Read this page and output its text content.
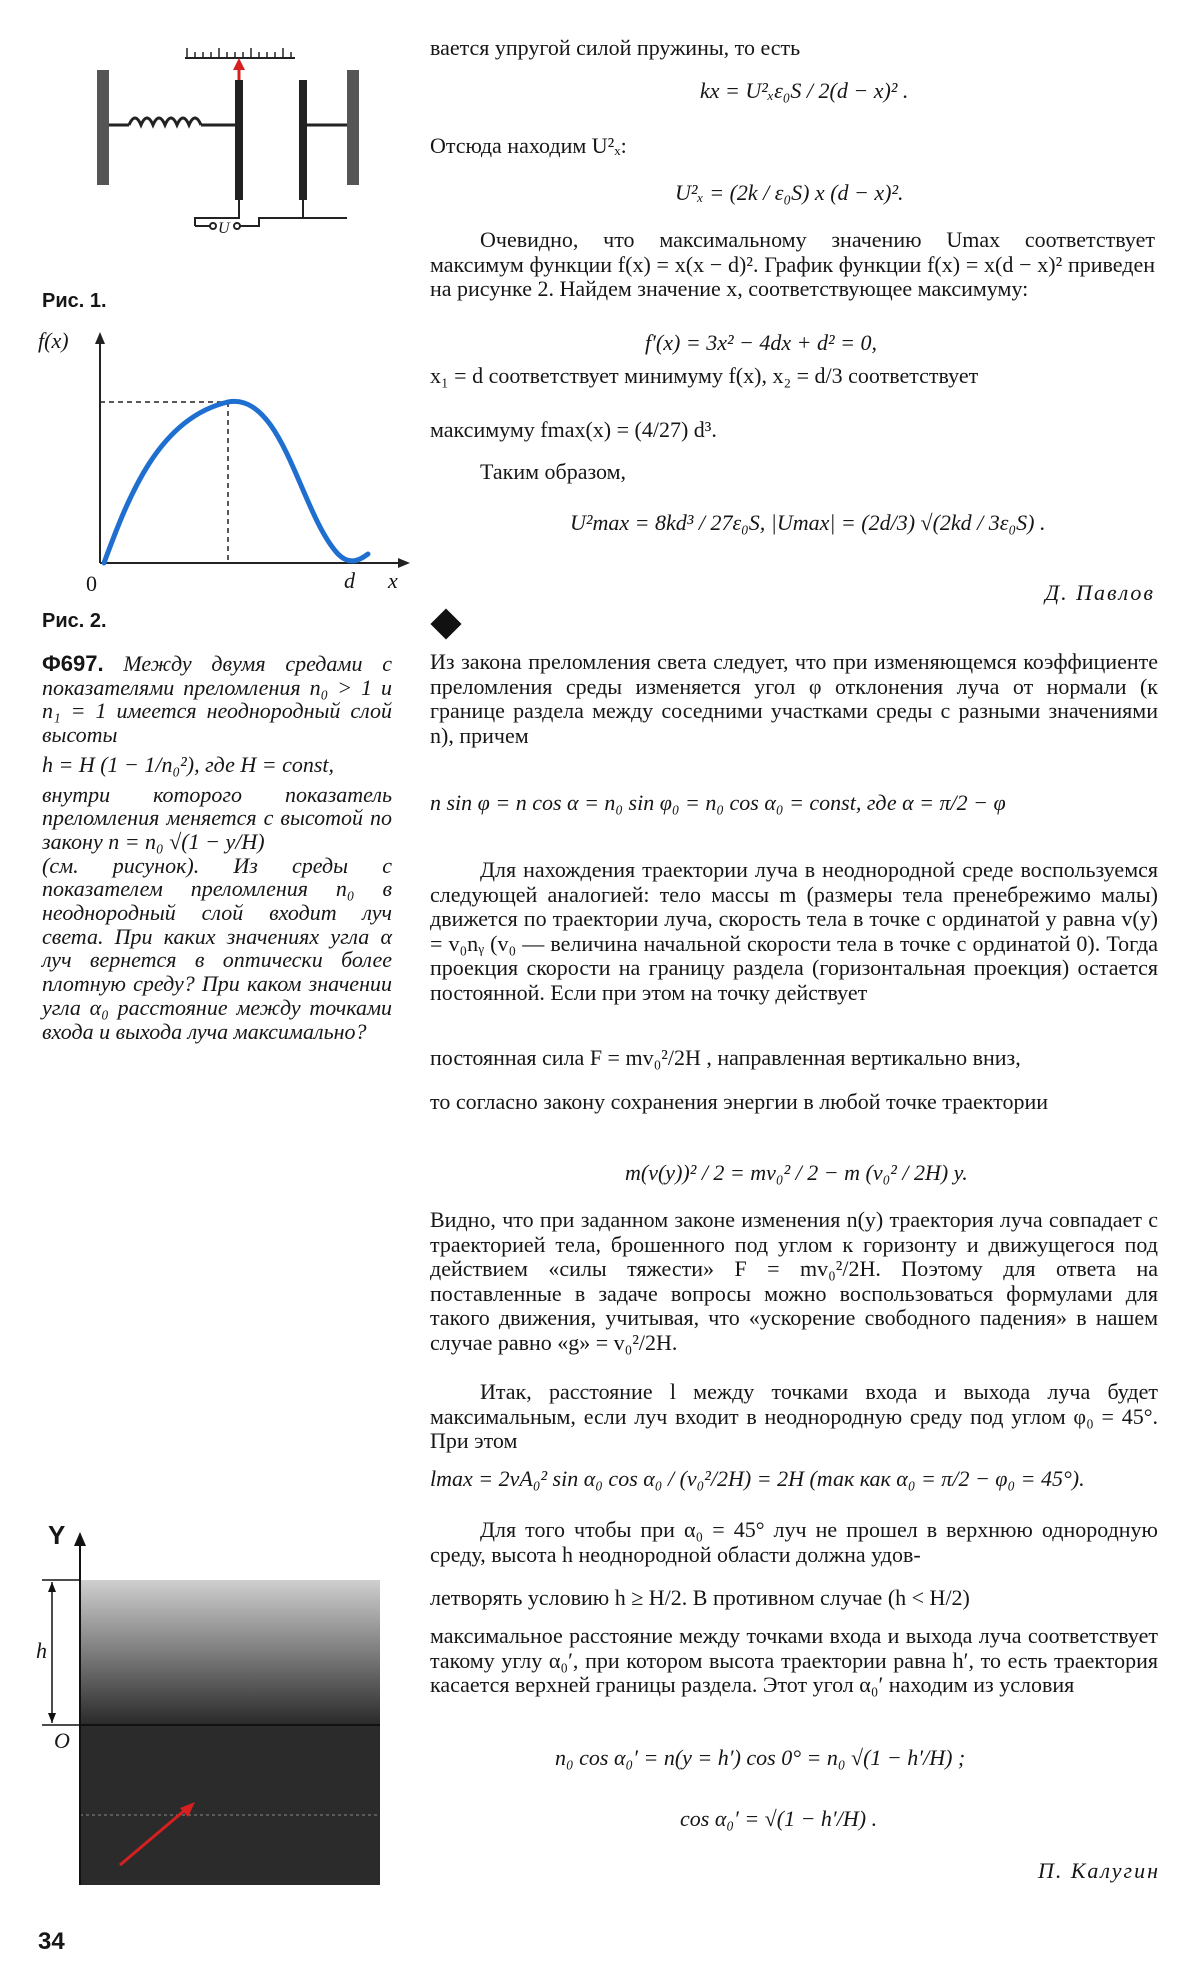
U
Рис. 1.
f(x)
0	d x
Рис. 2.
Ф697. Между двумя средами с показателями преломления n₀ > 1 и n₁ = 1 имеется неоднородный слой высоты
h = H (1 − 1/n₀²), где H = const,
внутри которого показатель преломления меняется с высотой по закону n = n₀ √(1 − y/H)
(см. рисунок). Из среды с показателем преломления n₀ в неоднородный слой входит луч света. При каких значениях угла α луч вернется в оптически более плотную среду? При каком значении угла α₀ расстояние между точками входа и выхода луча максимально?
Y
h
O
34
вается упругой силой пружины, то есть
kx = U²ₓε₀S / 2(d − x)² .
Отсюда находим U²ₓ:
U²ₓ = (2k / ε₀S) x (d − x)².
Очевидно, что максимальному значению Umax соответствует максимум функции f(x) = x(x − d)². График функции f(x) = x(d − x)² приведен на рисунке 2. Найдем значение x, соответствующее максимуму:
f′(x) = 3x² − 4dx + d² = 0,
x₁ = d соответствует минимуму f(x), x₂ = d/3 соответствует
максимуму fmax(x) = (4/27) d³.
Таким образом,
U²max = 8kd³ / 27ε₀S, |Umax| = (2d/3) √(2kd / 3ε₀S) .
Д. Павлов
Из закона преломления света следует, что при изменяющемся коэффициенте преломления среды изменяется угол φ отклонения луча от нормали (к границе раздела между соседними участками среды с разными значениями n), причем
n sin φ = n cos α = n₀ sin φ₀ = n₀ cos α₀ = const, где α = π/2 − φ
Для нахождения траектории луча в неоднородной среде воспользуемся следующей аналогией: тело массы m (размеры тела пренебрежимо малы) движется по траектории луча, скорость тела в точке с ординатой y равна v(y) = v₀nᵧ (v₀ — величина начальной скорости тела в точке с ординатой 0). Тогда проекция скорости на границу раздела (горизонтальная проекция) остается постоянной. Если при этом на точку действует
постоянная сила F = mv₀²/2H , направленная вертикально вниз,
то согласно закону сохранения энергии в любой точке траектории
m(v(y))² / 2 = mv₀² / 2 − m (v₀² / 2H) y.
Видно, что при заданном законе изменения n(y) траектория луча совпадает с траекторией тела, брошенного под углом к горизонту и движущегося под действием «силы тяжести» F = mv₀²/2H. Поэтому для ответа на поставленные в задаче вопросы можно воспользоваться формулами для такого движения, учитывая, что «ускорение свободного падения» в нашем случае равно «g» = v₀²/2H.
Итак, расстояние l между точками входа и выхода луча будет максимальным, если луч входит в неоднородную среду под углом φ₀ = 45°. При этом
lmax = 2vA₀² sin α₀ cos α₀ / (v₀²/2H) = 2H (так как α₀ = π/2 − φ₀ = 45°).
Для того чтобы при α₀ = 45° луч не прошел в верхнюю однородную среду, высота h неоднородной области должна удов-
летворять условию h ≥ H/2. В противном случае (h < H/2)
максимальное расстояние между точками входа и выхода луча соответствует такому углу α₀′, при котором высота траектории равна h′, то есть траектория касается верхней границы раздела. Этот угол α₀′ находим из условия
n₀ cos α₀′ = n(y = h′) cos 0° = n₀ √(1 − h′/H) ;
cos α₀′ = √(1 − h′/H) .
П. Калугин
